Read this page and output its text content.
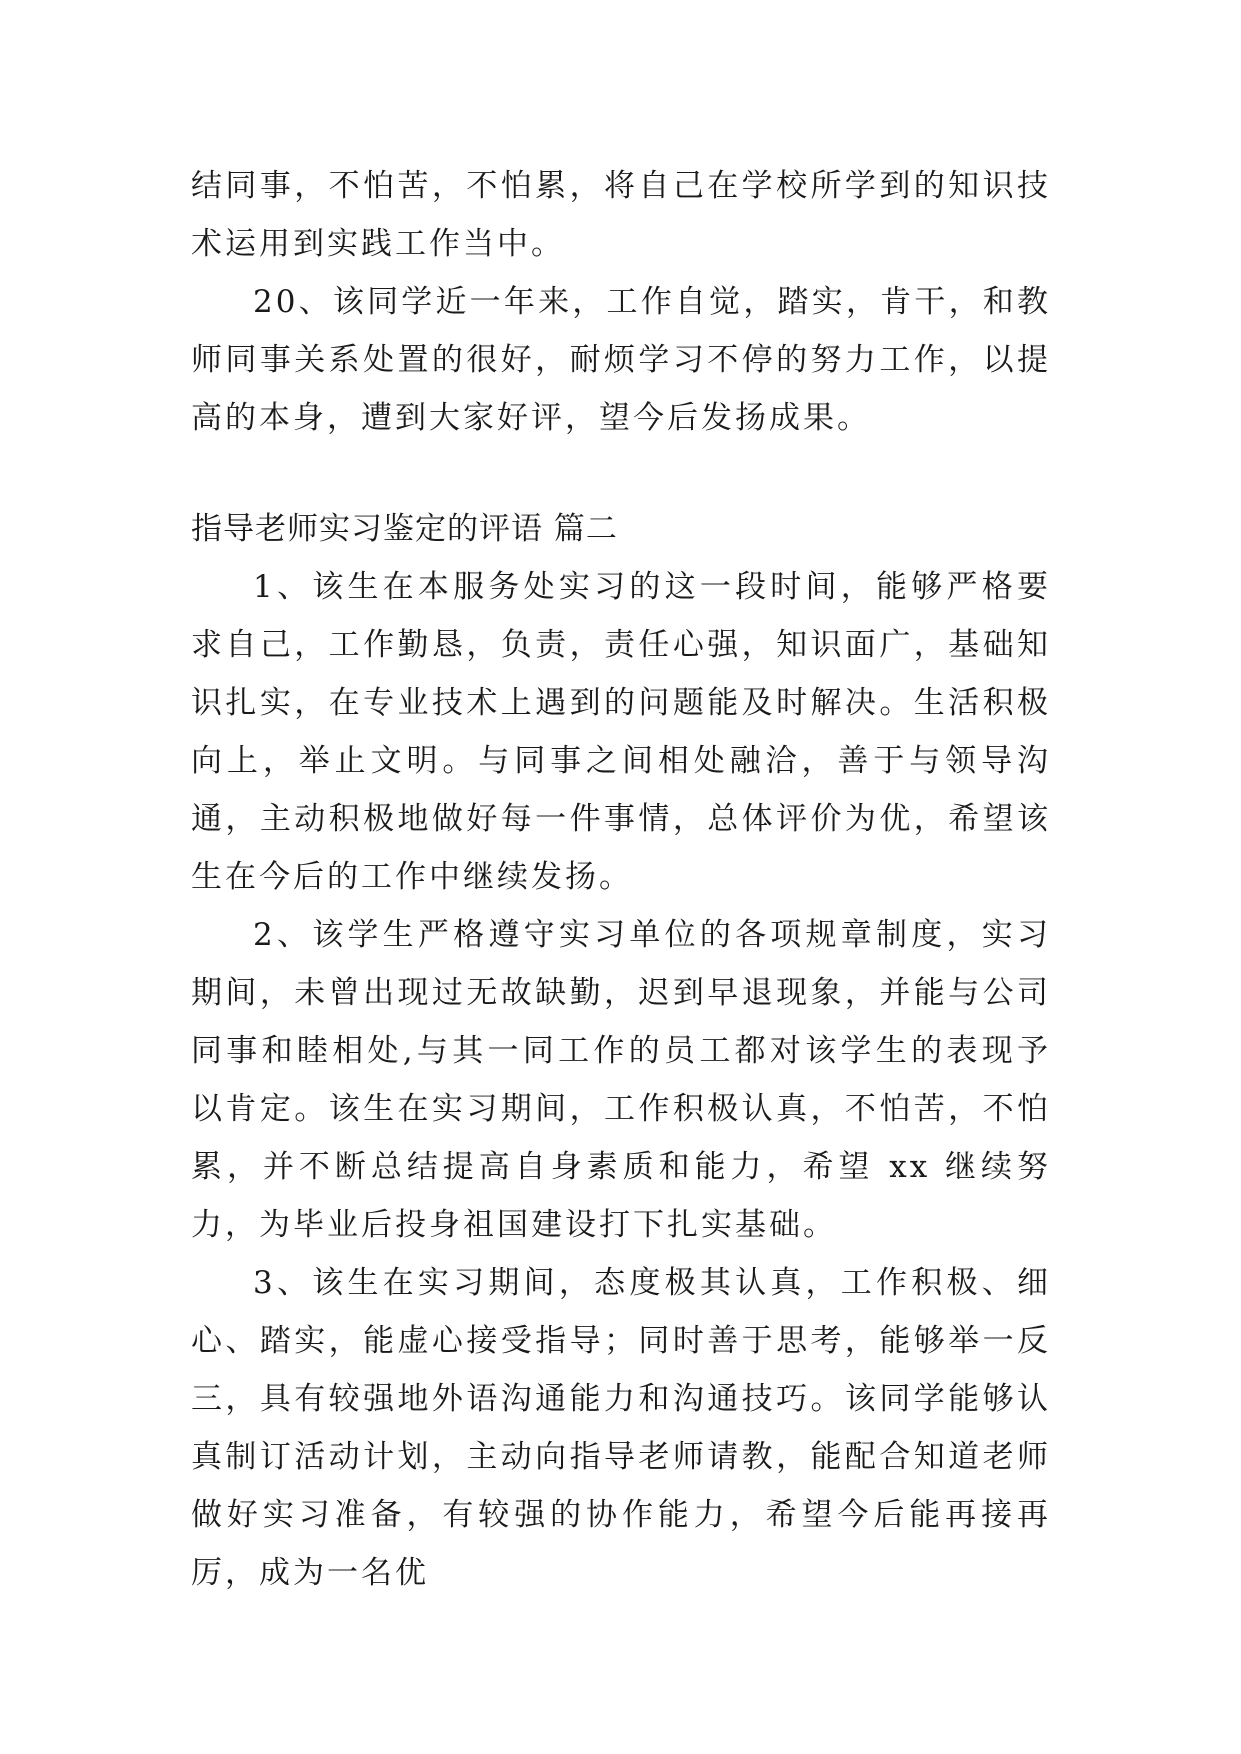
结同事，不怕苦，不怕累，将自己在学校所学到的知识技术运用到实践工作当中。

20、该同学近一年来，工作自觉，踏实，肯干，和教师同事关系处置的很好，耐烦学习不停的努力工作，以提高的本身，遭到大家好评，望今后发扬成果。

指导老师实习鉴定的评语 篇二

1、该生在本服务处实习的这一段时间，能够严格要求自己，工作勤恳，负责，责任心强，知识面广，基础知识扎实，在专业技术上遇到的问题能及时解决。生活积极向上，举止文明。与同事之间相处融洽，善于与领导沟通，主动积极地做好每一件事情，总体评价为优，希望该生在今后的工作中继续发扬。

2、该学生严格遵守实习单位的各项规章制度，实习期间，未曾出现过无故缺勤，迟到早退现象，并能与公司同事和睦相处,与其一同工作的员工都对该学生的表现予以肯定。该生在实习期间，工作积极认真，不怕苦，不怕累，并不断总结提高自身素质和能力，希望 xx 继续努力，为毕业后投身祖国建设打下扎实基础。

3、该生在实习期间，态度极其认真，工作积极、细心、踏实，能虚心接受指导；同时善于思考，能够举一反三，具有较强地外语沟通能力和沟通技巧。该同学能够认真制订活动计划，主动向指导老师请教，能配合知道老师做好实习准备，有较强的协作能力，希望今后能再接再厉，成为一名优
